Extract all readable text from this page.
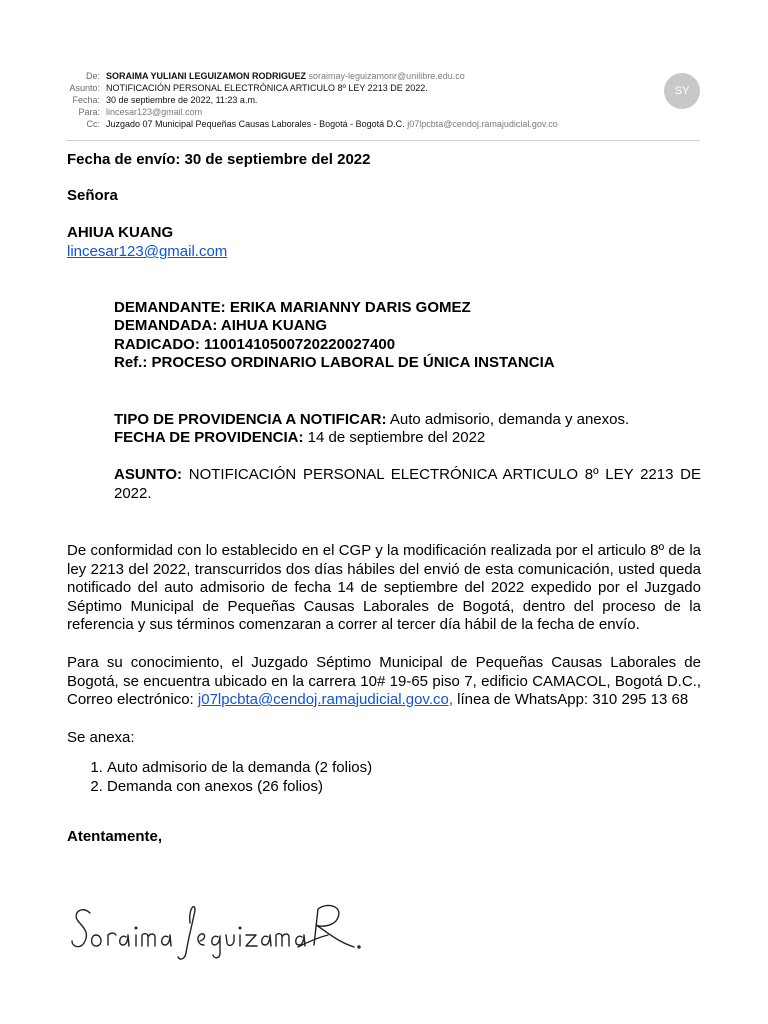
De: SORAIMA YULIANI LEGUIZAMON RODRIGUEZ soraimay-leguizamonr@unilibre.edu.co
Asunto: NOTIFICACIÓN PERSONAL ELECTRÓNICA ARTICULO 8º LEY 2213 DE 2022.
Fecha: 30 de septiembre de 2022, 11:23 a.m.
Para: lincesar123@gmail.com
Cc: Juzgado 07 Municipal Pequeñas Causas Laborales - Bogotá - Bogotá D.C. j07lpcbta@cendoj.ramajudicial.gov.co
SY
Fecha de envío: 30 de septiembre del 2022
Señora
AHIUA KUANG
lincesar123@gmail.com
DEMANDANTE: ERIKA MARIANNY DARIS GOMEZ
DEMANDADA: AIHUA KUANG
RADICADO: 11001410500720220027400
Ref.: PROCESO ORDINARIO LABORAL DE ÚNICA INSTANCIA
TIPO DE PROVIDENCIA A NOTIFICAR: Auto admisorio, demanda y anexos.
FECHA DE PROVIDENCIA: 14 de septiembre del 2022
ASUNTO: NOTIFICACIÓN PERSONAL ELECTRÓNICA ARTICULO 8º LEY 2213 DE 2022.
De conformidad con lo establecido en el CGP y la modificación realizada por el articulo 8º de la ley 2213 del 2022, transcurridos dos días hábiles del envió de esta comunicación, usted queda notificado del auto admisorio de fecha 14 de septiembre del 2022 expedido por el Juzgado Séptimo Municipal de Pequeñas Causas Laborales de Bogotá, dentro del proceso de la referencia y sus términos comenzaran a correr al tercer día hábil de la fecha de envío.
Para su conocimiento, el Juzgado Séptimo Municipal de Pequeñas Causas Laborales de Bogotá, se encuentra ubicado en la carrera 10# 19-65 piso 7, edificio CAMACOL, Bogotá D.C., Correo electrónico: j07lpcbta@cendoj.ramajudicial.gov.co, línea de WhatsApp: 310 295 13 68
Se anexa:
1. Auto admisorio de la demanda (2 folios)
2. Demanda con anexos (26 folios)
Atentamente,
